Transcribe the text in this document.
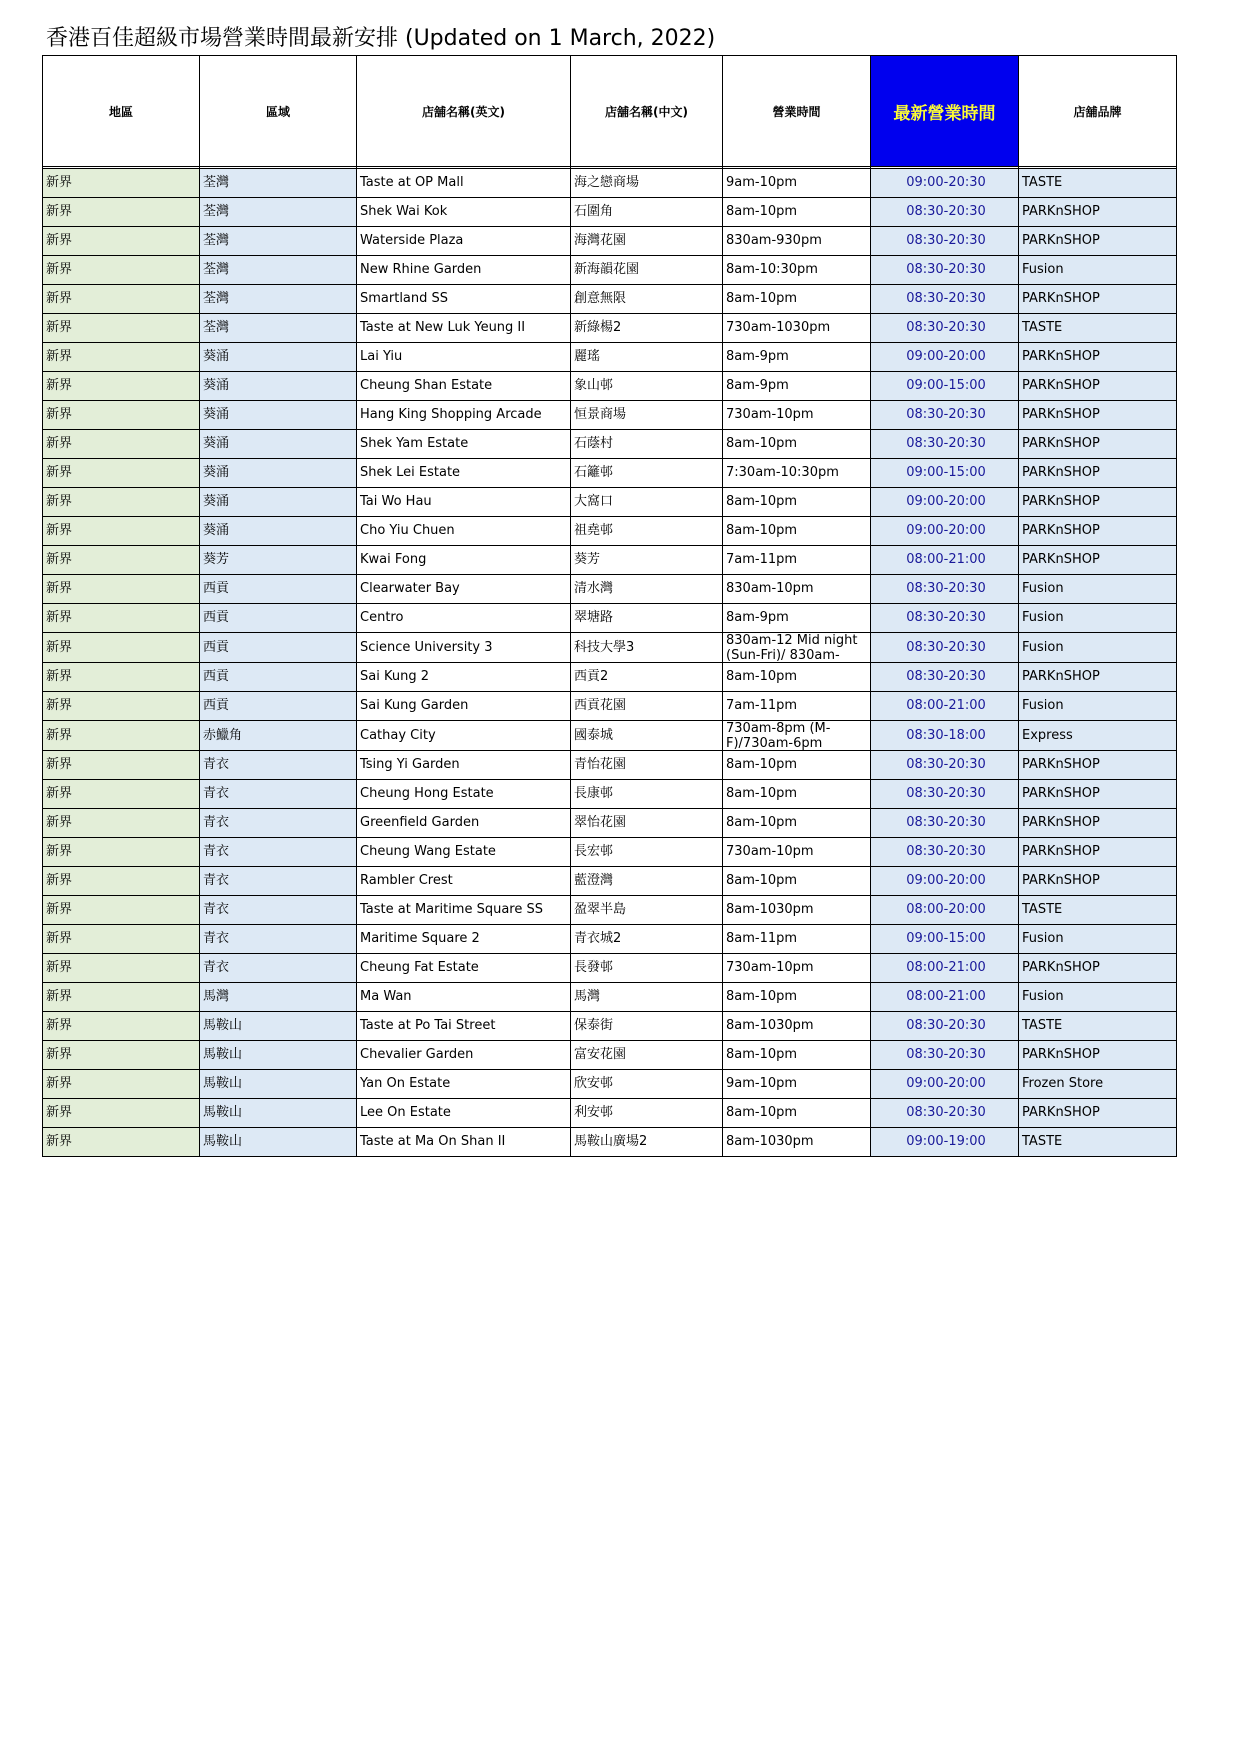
香港百佳超級市場營業時間最新安排 (Updated on 1 March, 2022)
地區	區域	店舖名稱(英文)	店舖名稱(中文)	營業時間	最新營業時間	店舖品牌

新界	荃灣	Taste at OP Mall	海之戀商場	9am-10pm	09:00-20:30	TASTE
新界	荃灣	Shek Wai Kok	石圍角	8am-10pm	08:30-20:30	PARKnSHOP
新界	荃灣	Waterside Plaza	海灣花園	830am-930pm	08:30-20:30	PARKnSHOP
新界	荃灣	New Rhine Garden	新海韻花園	8am-10:30pm	08:30-20:30	Fusion
新界	荃灣	Smartland SS	創意無限	8am-10pm	08:30-20:30	PARKnSHOP
新界	荃灣	Taste at New Luk Yeung II	新綠楊2	730am-1030pm	08:30-20:30	TASTE
新界	葵涌	Lai Yiu	麗瑤	8am-9pm	09:00-20:00	PARKnSHOP
新界	葵涌	Cheung Shan Estate	象山邨	8am-9pm	09:00-15:00	PARKnSHOP
新界	葵涌	Hang King Shopping Arcade	恒景商場	730am-10pm	08:30-20:30	PARKnSHOP
新界	葵涌	Shek Yam Estate	石蔭村	8am-10pm	08:30-20:30	PARKnSHOP
新界	葵涌	Shek Lei Estate	石籬邨	7:30am-10:30pm	09:00-15:00	PARKnSHOP
新界	葵涌	Tai Wo Hau	大窩口	8am-10pm	09:00-20:00	PARKnSHOP
新界	葵涌	Cho Yiu Chuen	祖堯邨	8am-10pm	09:00-20:00	PARKnSHOP
新界	葵芳	Kwai Fong	葵芳	7am-11pm	08:00-21:00	PARKnSHOP
新界	西貢	Clearwater Bay	清水灣	830am-10pm	08:30-20:30	Fusion
新界	西貢	Centro	翠塘路	8am-9pm	08:30-20:30	Fusion
新界	西貢	Science University 3	科技大學3	830am-12 Mid night (Sun-Fri)/ 830am-	08:30-20:30	Fusion
新界	西貢	Sai Kung 2	西貢2	8am-10pm	08:30-20:30	PARKnSHOP
新界	西貢	Sai Kung Garden	西貢花園	7am-11pm	08:00-21:00	Fusion
新界	赤鱲角	Cathay City	國泰城	730am-8pm (M-F)/730am-6pm	08:30-18:00	Express
新界	青衣	Tsing Yi Garden	青怡花園	8am-10pm	08:30-20:30	PARKnSHOP
新界	青衣	Cheung Hong Estate	長康邨	8am-10pm	08:30-20:30	PARKnSHOP
新界	青衣	Greenfield Garden	翠怡花園	8am-10pm	08:30-20:30	PARKnSHOP
新界	青衣	Cheung Wang Estate	長宏邨	730am-10pm	08:30-20:30	PARKnSHOP
新界	青衣	Rambler Crest	藍澄灣	8am-10pm	09:00-20:00	PARKnSHOP
新界	青衣	Taste at Maritime Square SS	盈翠半島	8am-1030pm	08:00-20:00	TASTE
新界	青衣	Maritime Square 2	青衣城2	8am-11pm	09:00-15:00	Fusion
新界	青衣	Cheung Fat Estate	長發邨	730am-10pm	08:00-21:00	PARKnSHOP
新界	馬灣	Ma Wan	馬灣	8am-10pm	08:00-21:00	Fusion
新界	馬鞍山	Taste at Po Tai Street	保泰街	8am-1030pm	08:30-20:30	TASTE
新界	馬鞍山	Chevalier Garden	富安花園	8am-10pm	08:30-20:30	PARKnSHOP
新界	馬鞍山	Yan On Estate	欣安邨	9am-10pm	09:00-20:00	Frozen Store
新界	馬鞍山	Lee On Estate	利安邨	8am-10pm	08:30-20:30	PARKnSHOP
新界	馬鞍山	Taste at Ma On Shan II	馬鞍山廣場2	8am-1030pm	09:00-19:00	TASTE
